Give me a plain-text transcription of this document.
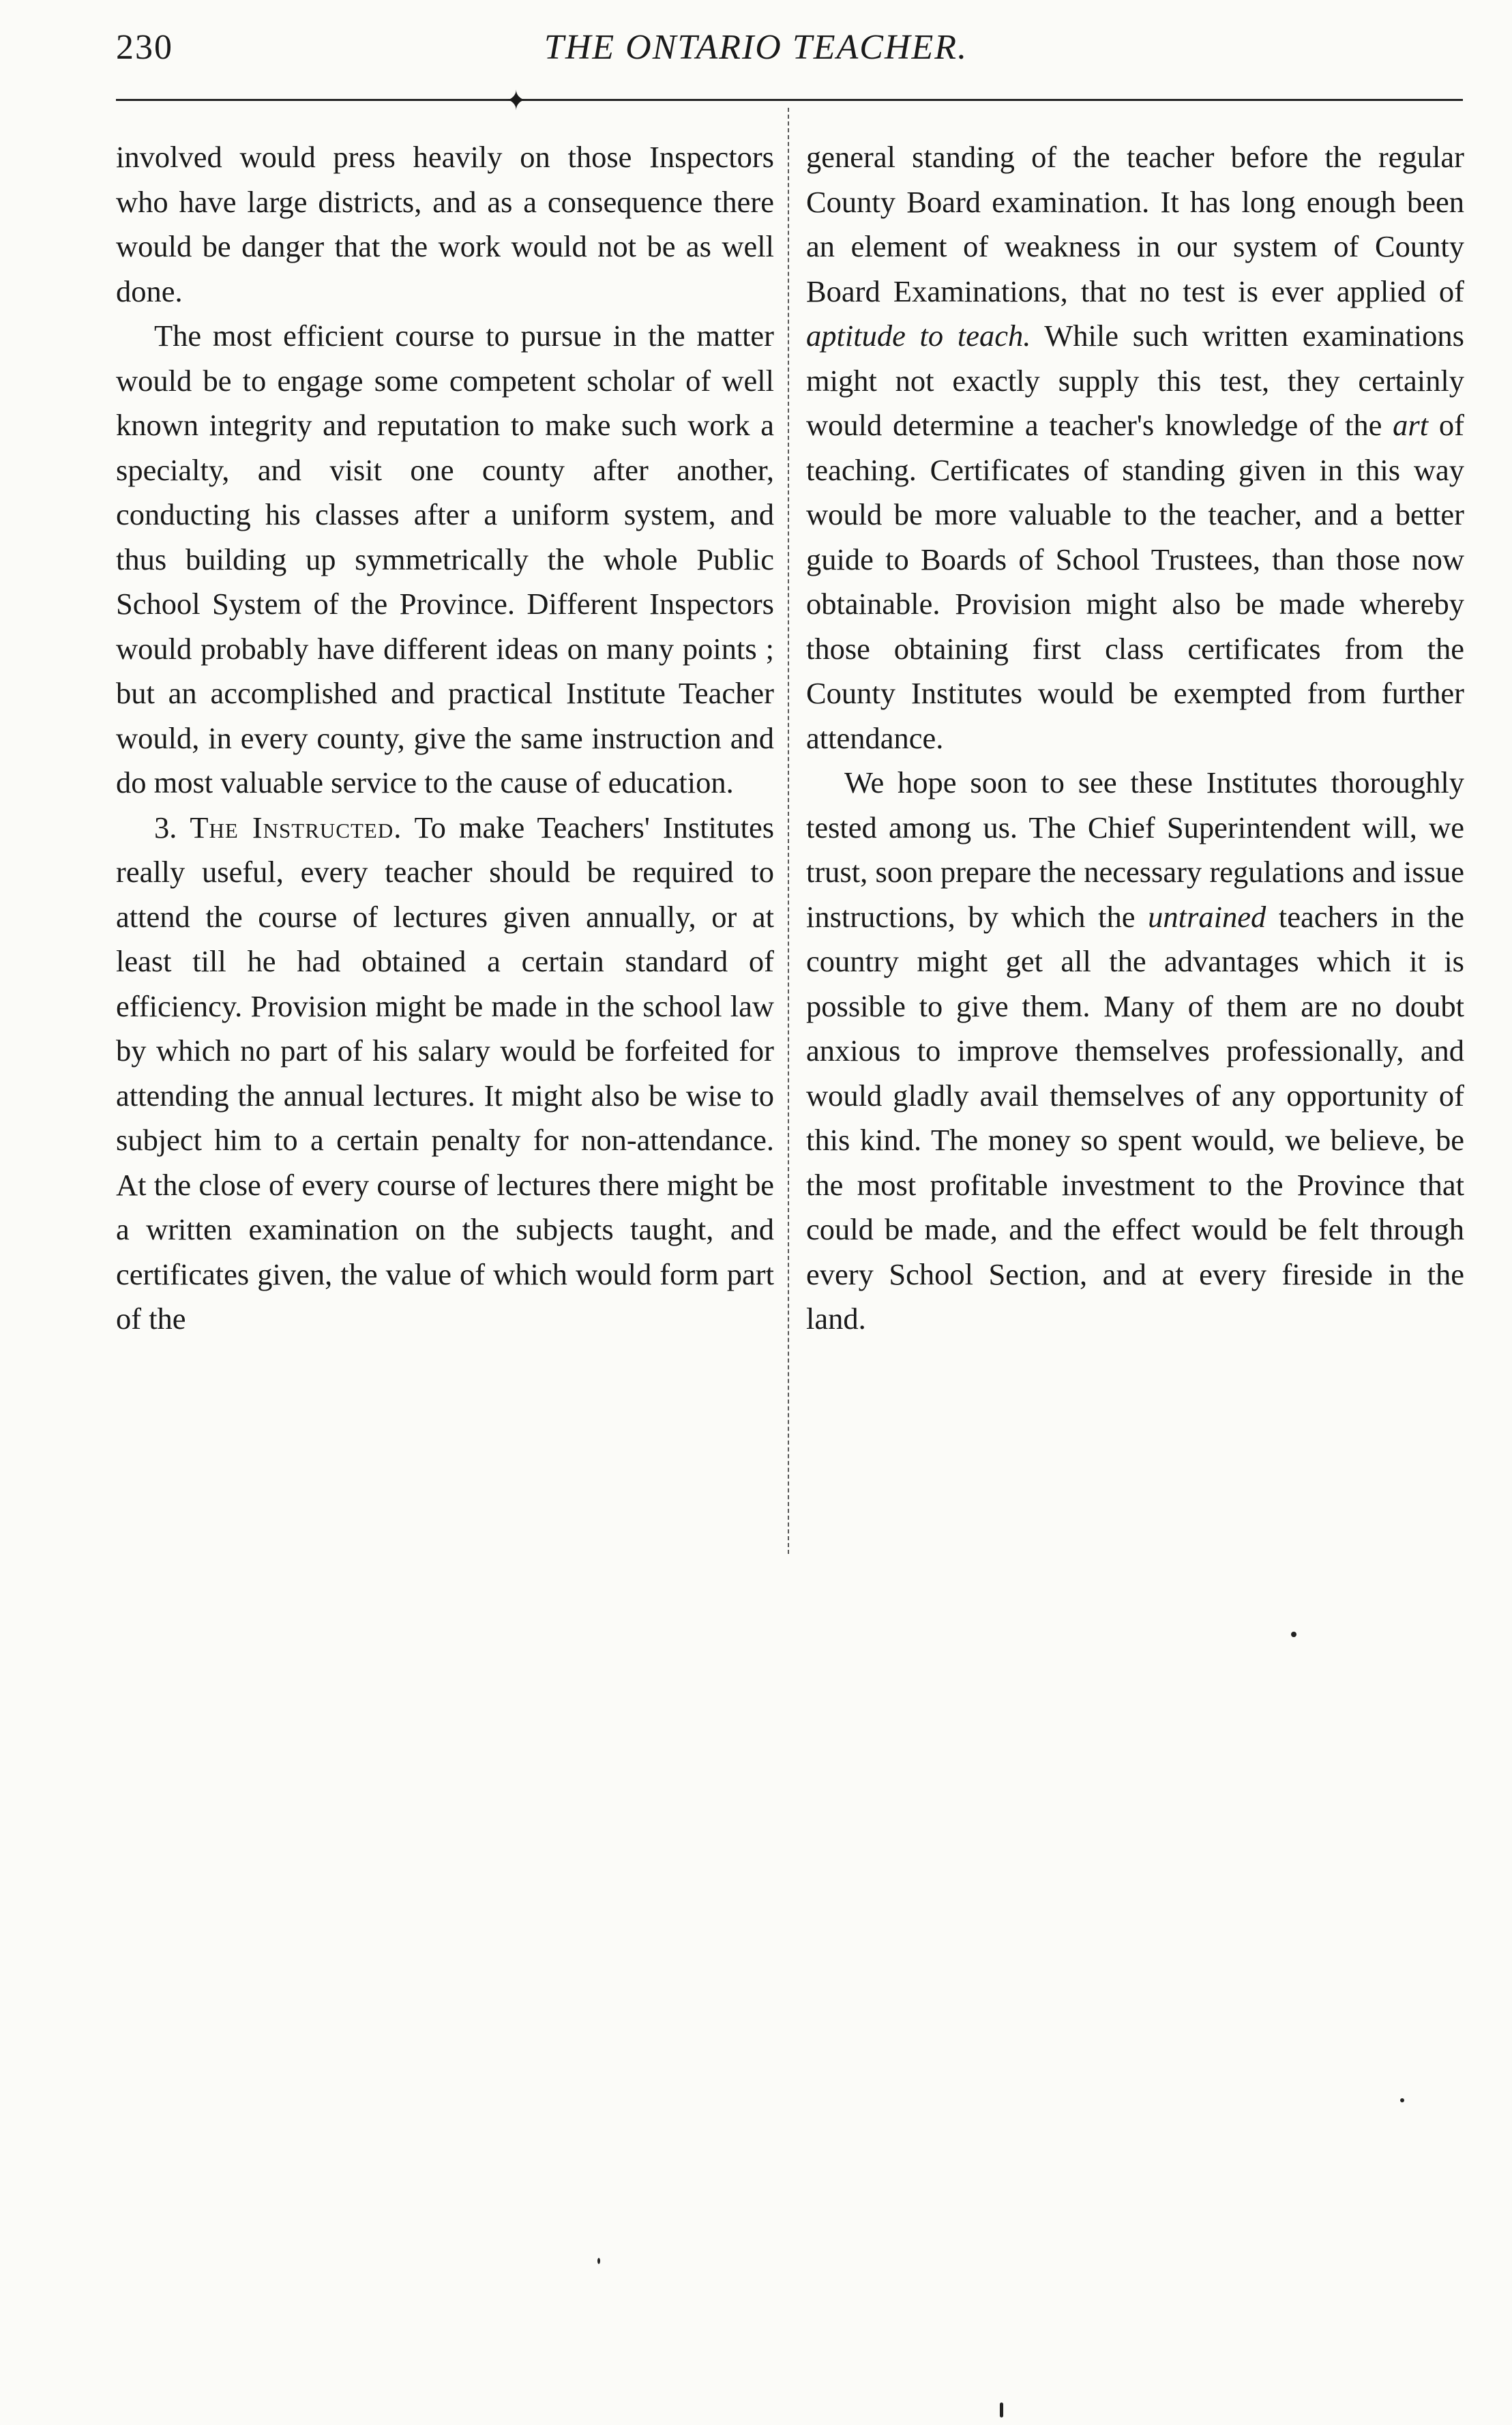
230	THE ONTARIO TEACHER.
✦

involved would press heavily on those Inspectors who have large districts, and as a consequence there would be danger that the work would not be as well done.

The most efficient course to pursue in the matter would be to engage some competent scholar of well known integrity and reputation to make such work a specialty, and visit one county after another, conducting his classes after a uniform system, and thus building up symmetrically the whole Public School System of the Province. Different Inspectors would probably have different ideas on many points ; but an accomplished and practical Institute Teacher would, in every county, give the same instruction and do most valuable service to the cause of education.

3. The Instructed. To make Teachers' Institutes really useful, every teacher should be required to attend the course of lectures given annually, or at least till he had obtained a certain standard of efficiency. Provision might be made in the school law by which no part of his salary would be forfeited for attending the annual lectures. It might also be wise to subject him to a certain penalty for non-attendance. At the close of every course of lectures there might be a written examination on the subjects taught, and certificates given, the value of which would form part of the

general standing of the teacher before the regular County Board examination. It has long enough been an element of weakness in our system of County Board Examinations, that no test is ever applied of aptitude to teach. While such written examinations might not exactly supply this test, they certainly would determine a teacher's knowledge of the art of teaching. Certificates of standing given in this way would be more valuable to the teacher, and a better guide to Boards of School Trustees, than those now obtainable. Provision might also be made whereby those obtaining first class certificates from the County Institutes would be exempted from further attendance.

We hope soon to see these Institutes thoroughly tested among us. The Chief Superintendent will, we trust, soon prepare the necessary regulations and issue instructions, by which the untrained teachers in the country might get all the advantages which it is possible to give them. Many of them are no doubt anxious to improve themselves professionally, and would gladly avail themselves of any opportunity of this kind. The money so spent would, we believe, be the most profitable investment to the Province that could be made, and the effect would be felt through every School Section, and at every fireside in the land.
